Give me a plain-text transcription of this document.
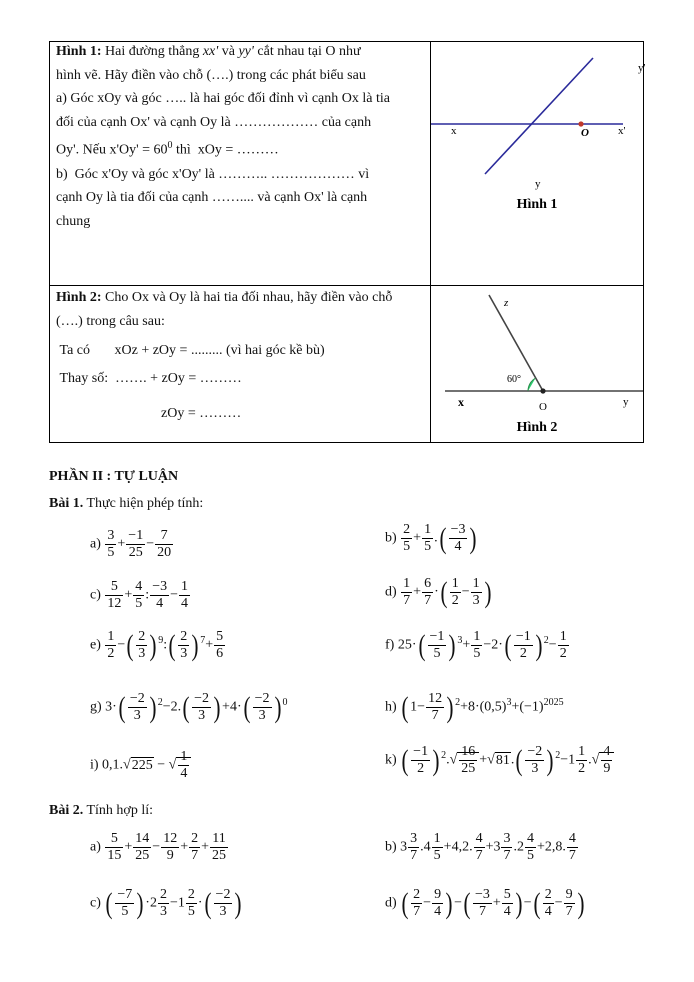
Hình 1: Hai đường thẳng xx' và yy' cắt nhau tại O như
hình vẽ. Hãy điền vào chỗ (….) trong các phát biểu sau
a) Góc xOy và góc ….. là hai góc đối đỉnh vì cạnh Ox là tia
đối của cạnh Ox' và cạnh Oy là ……………… của cạnh
Oy'. Nếu $x'Oy' = 60^0$ thì  xOy = ………
b)  Góc x'Oy và góc x'Oy' là ……….. ……………… vì
cạnh Oy là tia đối của cạnh …….... và cạnh Ox' là cạnh
chung
x	x'
y
y'
O
Hình 1
Hình 2: Cho Ox và Oy là hai tia đối nhau, hãy điền vào chỗ
(….) trong câu sau:
Ta có       xOz + zOy = ......... (vì hai góc kề bù)
Thay số:  ……. + zOy = ………
zOy = ………
z
x	y
O
60°
Hình 2
PHẦN II : TỰ LUẬN
Bài 1. Thực hiện phép tính:
$a) \frac{3}{5} + \frac{-1}{25} - \frac{7}{20}$	$b) \frac{2}{5} + \frac{1}{5}$ .( $\frac{-3}{4}$ )
$c) \frac{5}{12} + \frac{4}{5}$ : $\frac{-3}{4} - \frac{1}{4}$	$d) \frac{1}{7} + \frac{6}{7}$ ·( $\frac{1}{2} - \frac{1}{3}$ )
$e) \frac{1}{2}$ −( $\frac{2}{3}$ ) $^9$:( $\frac{2}{3}$ ) $^7+ \frac{5}{6}$	f) $25\cdot( \frac{-1}{5}$ ) $^3+ \frac{1}{5} -2\cdot( \frac{-1}{2}$ ) $^2- \frac{1}{2}$
g) $3\cdot( \frac{-2}{3}$ ) $^2-2.( \frac{-2}{3}$ ) $+4\cdot( \frac{-2}{3}$ ) $^0$	h) ( $1- \frac{12}{7}$ ) $^2+8\cdot(0,5)^3+(-1)^{2025}$
i) 0,1.√225 − √ $\frac{1}{4}$	k) ( $\frac{-1}{2}$ ) $^2.√ \frac{16}{25} +√81.( \frac{-2}{3}$ ) $^2-1 \frac{1}{2}$ .√ $\frac{4}{9}$
Bài 2. Tính hợp lí:
$a) \frac{5}{15} + \frac{14}{25} - \frac{12}{9} + \frac{2}{7} + \frac{11}{25}$	b) $3 \frac{3}{7} .4 \frac{1}{5} +4,2$. $\frac{4}{7} +3 \frac{3}{7} .2 \frac{4}{5} +2,8$. $\frac{4}{7}$
c) ( $\frac{-7}{5}$ ) $\cdot 2 \frac{2}{3} -1 \frac{2}{5}$ ·( $\frac{-2}{3}$ )	d) ( $\frac{2}{7} - \frac{9}{4}$ ) −( $\frac{-3}{7} + \frac{5}{4}$ ) −( $\frac{2}{4} - \frac{9}{7}$ )
